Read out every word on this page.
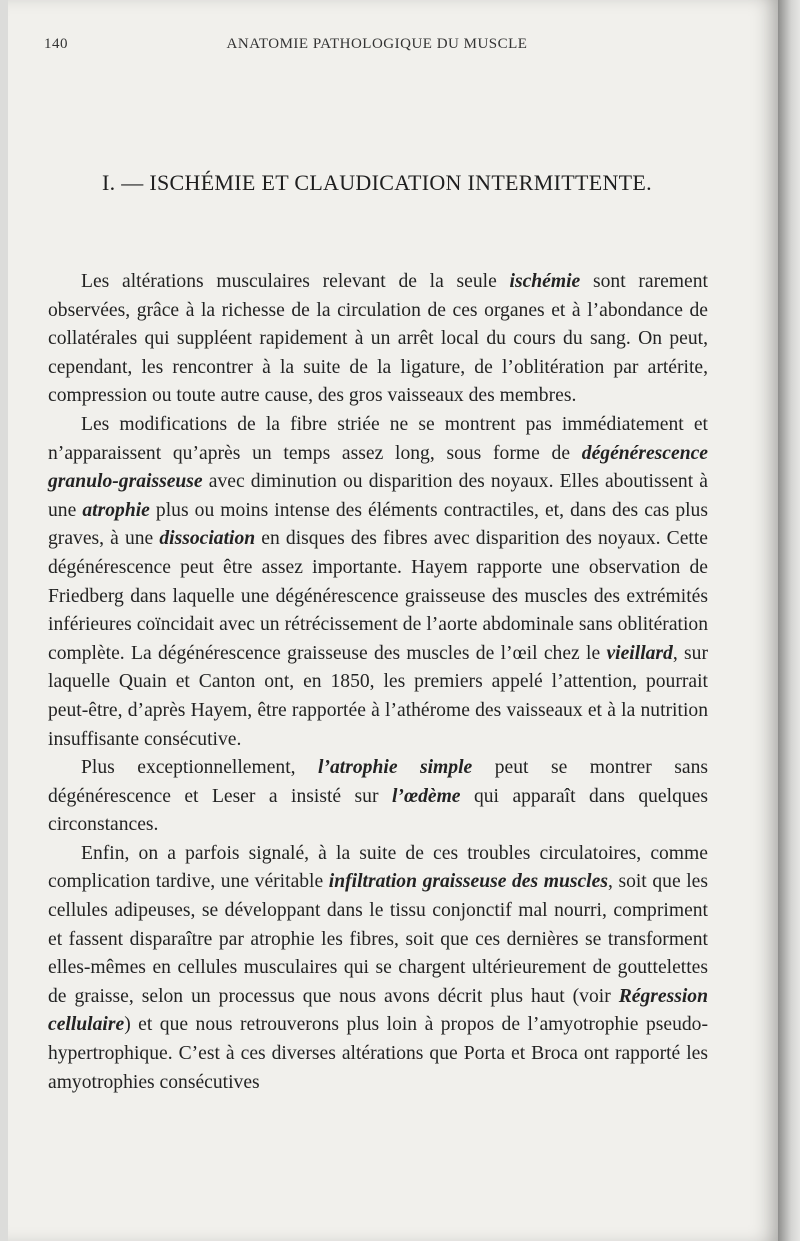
140	ANATOMIE PATHOLOGIQUE DU MUSCLE
I. — ISCHÉMIE ET CLAUDICATION INTERMITTENTE.

Les altérations musculaires relevant de la seule ischémie sont rarement observées, grâce à la richesse de la circulation de ces organes et à l’abondance de collatérales qui suppléent rapidement à un arrêt local du cours du sang. On peut, cependant, les rencontrer à la suite de la ligature, de l’oblitération par artérite, compression ou toute autre cause, des gros vaisseaux des membres.

Les modifications de la fibre striée ne se montrent pas immédiatement et n’apparaissent qu’après un temps assez long, sous forme de dégénérescence granulo-graisseuse avec diminution ou disparition des noyaux. Elles aboutissent à une atrophie plus ou moins intense des éléments contractiles, et, dans des cas plus graves, à une dissociation en disques des fibres avec disparition des noyaux. Cette dégénérescence peut être assez importante. Hayem rapporte une observation de Friedberg dans laquelle une dégénérescence graisseuse des muscles des extrémités inférieures coïncidait avec un rétrécissement de l’aorte abdominale sans oblitération complète. La dégénérescence graisseuse des muscles de l’œil chez le vieillard, sur laquelle Quain et Canton ont, en 1850, les premiers appelé l’attention, pourrait peut-être, d’après Hayem, être rapportée à l’athérome des vaisseaux et à la nutrition insuffisante consécutive.

Plus exceptionnellement, l’atrophie simple peut se montrer sans dégénérescence et Leser a insisté sur l’œdème qui apparaît dans quelques circonstances.

Enfin, on a parfois signalé, à la suite de ces troubles circulatoires, comme complication tardive, une véritable infiltration graisseuse des muscles, soit que les cellules adipeuses, se développant dans le tissu conjonctif mal nourri, compriment et fassent disparaître par atrophie les fibres, soit que ces dernières se transforment elles-mêmes en cellules musculaires qui se chargent ultérieurement de gouttelettes de graisse, selon un processus que nous avons décrit plus haut (voir Régression cellulaire) et que nous retrouverons plus loin à propos de l’amyotrophie pseudo-hypertrophique. C’est à ces diverses altérations que Porta et Broca ont rapporté les amyotrophies consécutives
